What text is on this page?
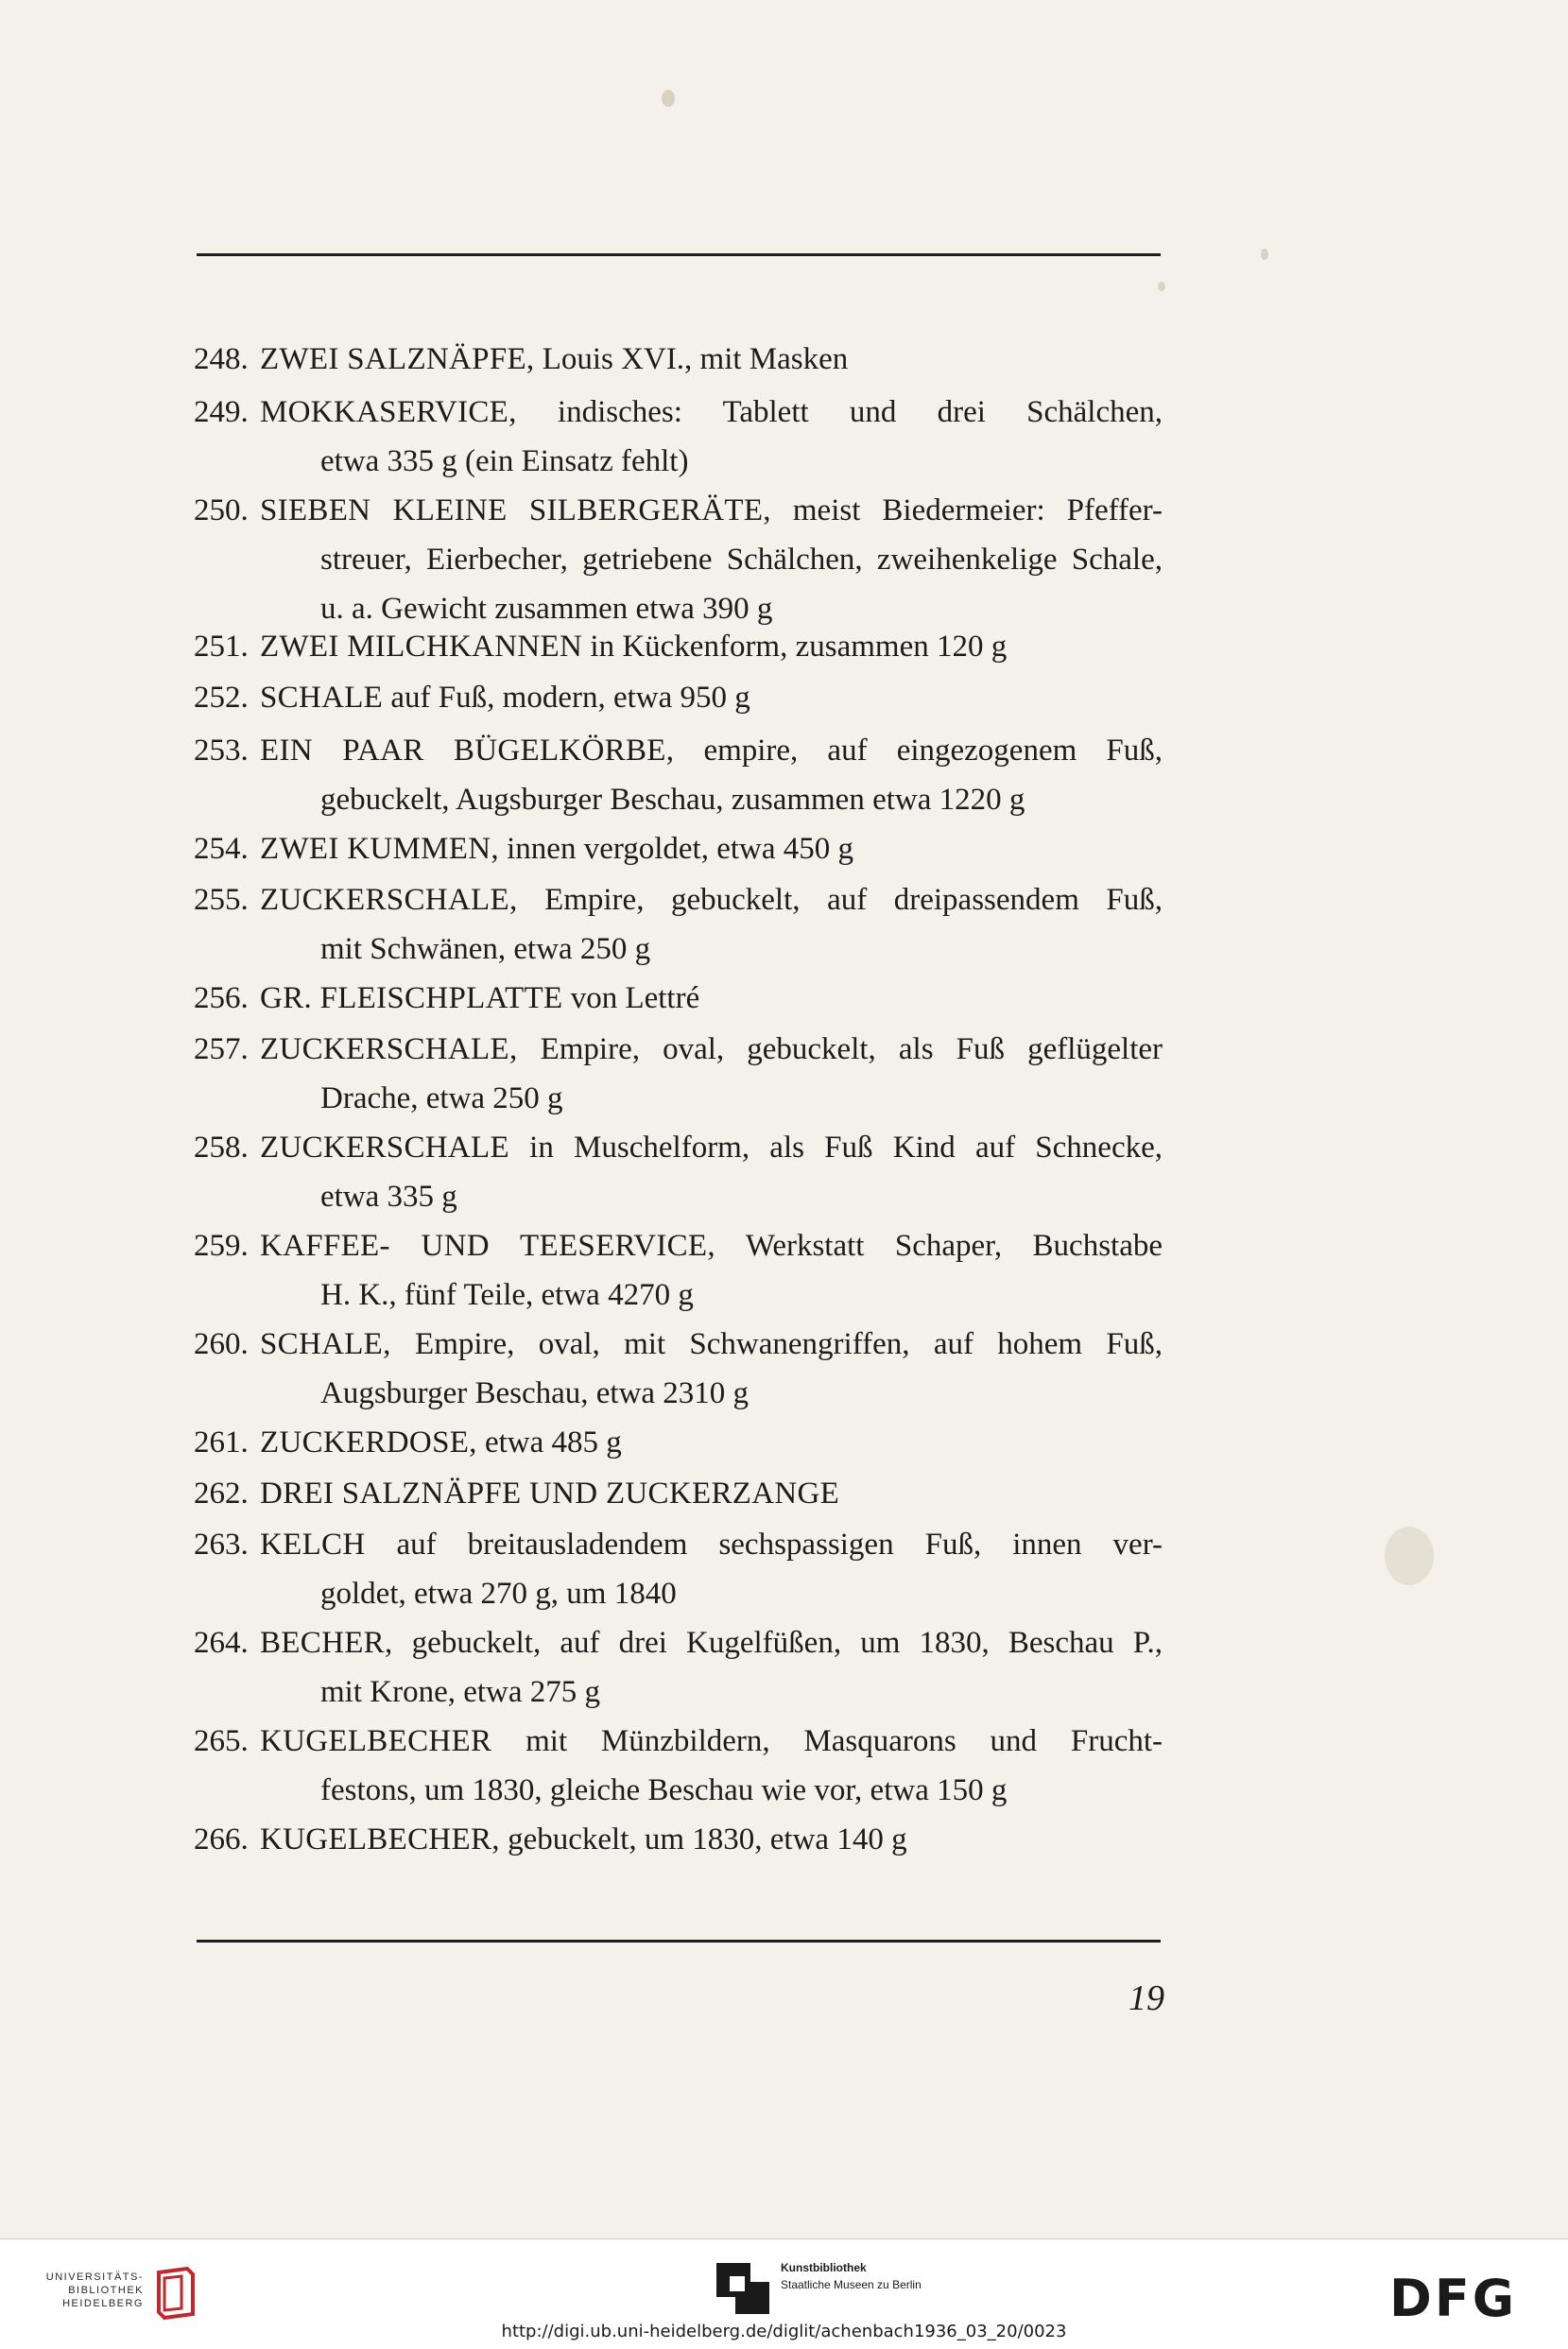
248. ZWEI SALZNÄPFE, Louis XVI., mit Masken
249. MOKKASERVICE, indisches: Tablett und drei Schälchen,
etwa 335 g (ein Einsatz fehlt)
250. SIEBEN KLEINE SILBERGERÄTE, meist Biedermeier: Pfeffer-
streuer, Eierbecher, getriebene Schälchen, zweihenkelige Schale,
u. a. Gewicht zusammen etwa 390 g
251. ZWEI MILCHKANNEN in Kückenform, zusammen 120 g
252. SCHALE auf Fuß, modern, etwa 950 g
253. EIN PAAR BÜGELKÖRBE, empire, auf eingezogenem Fuß,
gebuckelt, Augsburger Beschau, zusammen etwa 1220 g
254. ZWEI KUMMEN, innen vergoldet, etwa 450 g
255. ZUCKERSCHALE, Empire, gebuckelt, auf dreipassendem Fuß,
mit Schwänen, etwa 250 g
256. GR. FLEISCHPLATTE von Lettré
257. ZUCKERSCHALE, Empire, oval, gebuckelt, als Fuß geflügelter
Drache, etwa 250 g
258. ZUCKERSCHALE in Muschelform, als Fuß Kind auf Schnecke,
etwa 335 g
259. KAFFEE- UND TEESERVICE, Werkstatt Schaper, Buchstabe
H. K., fünf Teile, etwa 4270 g
260. SCHALE, Empire, oval, mit Schwanengriffen, auf hohem Fuß,
Augsburger Beschau, etwa 2310 g
261. ZUCKERDOSE, etwa 485 g
262. DREI SALZNÄPFE UND ZUCKERZANGE
263. KELCH auf breitausladendem sechspassigen Fuß, innen ver-
goldet, etwa 270 g, um 1840
264. BECHER, gebuckelt, auf drei Kugelfüßen, um 1830, Beschau P.,
mit Krone, etwa 275 g
265. KUGELBECHER mit Münzbildern, Masquarons und Frucht-
festons, um 1830, gleiche Beschau wie vor, etwa 150 g
266. KUGELBECHER, gebuckelt, um 1830, etwa 140 g
19
UNIVERSITÄTS-
BIBLIOTHEK
HEIDELBERG
Kunstbibliothek
Staatliche Museen zu Berlin	DFG
http://digi.ub.uni-heidelberg.de/diglit/achenbach1936_03_20/0023
